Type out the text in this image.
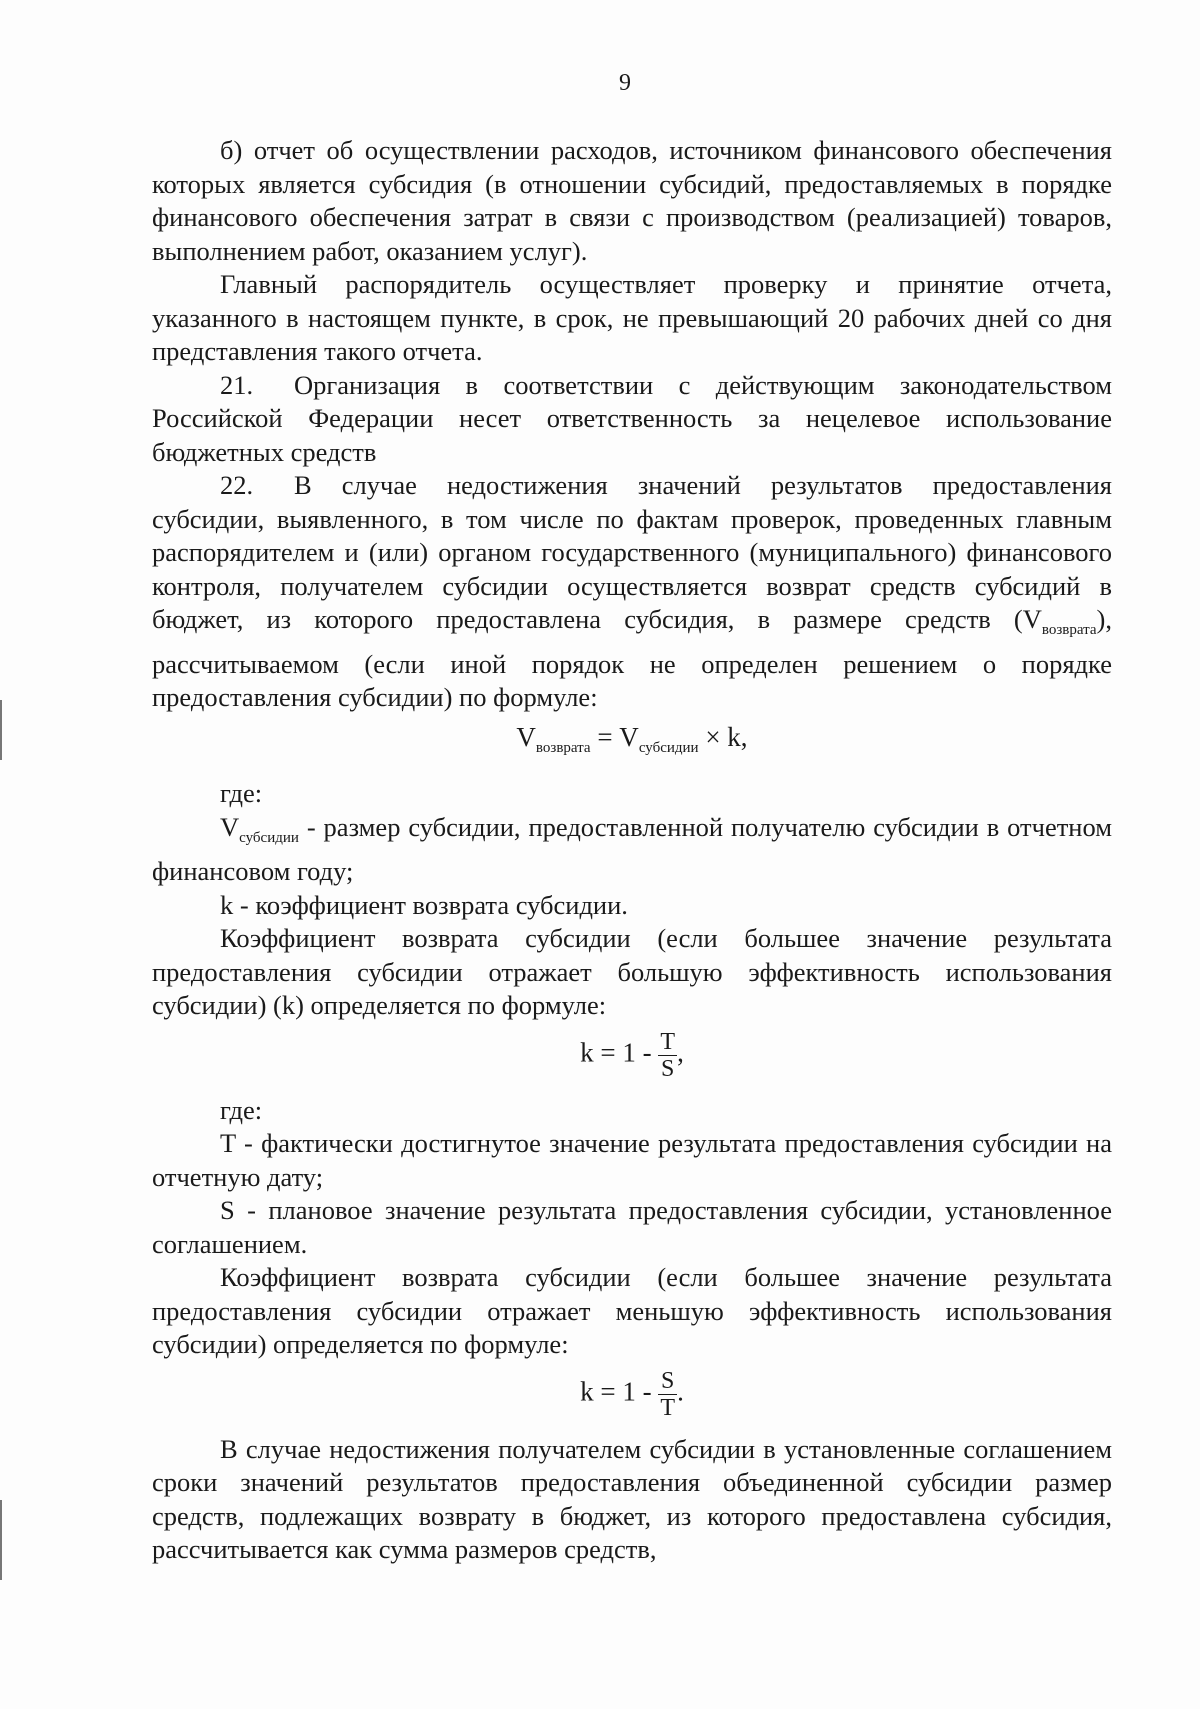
9

б) отчет об осуществлении расходов, источником финансового обеспечения которых является субсидия (в отношении субсидий, предоставляемых в порядке финансового обеспечения затрат в связи с производством (реализацией) товаров, выполнением работ, оказанием услуг).

Главный распорядитель осуществляет проверку и принятие отчета, указанного в настоящем пункте, в срок, не превышающий 20 рабочих дней со дня представления такого отчета.

21. Организация в соответствии с действующим законодательством Российской Федерации несет ответственность за нецелевое использование бюджетных средств

22. В случае недостижения значений результатов предоставления субсидии, выявленного, в том числе по фактам проверок, проведенных главным распорядителем и (или) органом государственного (муниципального) финансового контроля, получателем субсидии осуществляется возврат средств субсидий в бюджет, из которого предоставлена субсидия, в размере средств $(V_{возврата})$, рассчитываемом (если иной порядок не определен решением о порядке предоставления субсидии) по формуле:

$V_{возврата} = V_{субсидии} \times k$,

где:

$V_{субсидии}$ - размер субсидии, предоставленной получателю субсидии в отчетном финансовом году;

k - коэффициент возврата субсидии.

Коэффициент возврата субсидии (если большее значение результата предоставления субсидии отражает большую эффективность использования субсидии) (k) определяется по формуле:

$k = 1 - \frac{T}{S}$ ,

где:

T - фактически достигнутое значение результата предоставления субсидии на отчетную дату;

S - плановое значение результата предоставления субсидии, установленное соглашением.

Коэффициент возврата субсидии (если большее значение результата предоставления субсидии отражает меньшую эффективность использования субсидии) определяется по формуле:

$k = 1 - \frac{S}{T}$ .

В случае недостижения получателем субсидии в установленные соглашением сроки значений результатов предоставления объединенной субсидии размер средств, подлежащих возврату в бюджет, из которого предоставлена субсидия, рассчитывается как сумма размеров средств,
